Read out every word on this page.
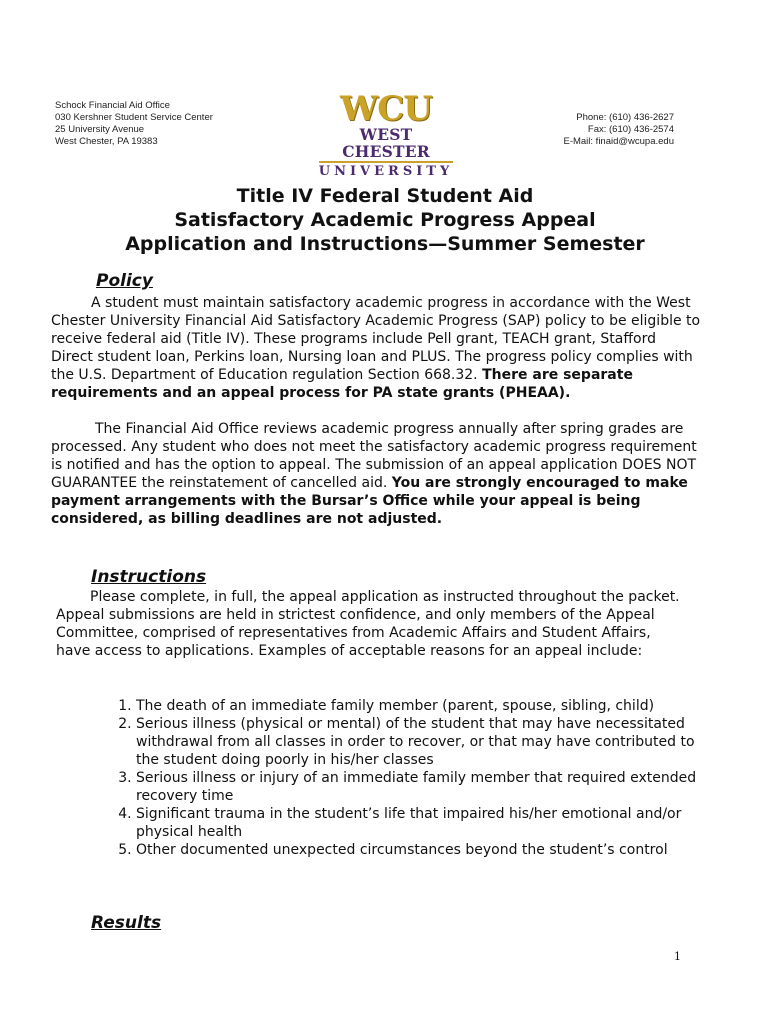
Schock Financial Aid Office
030 Kershner Student Service Center
25 University Avenue
West Chester, PA 19383
WCU
WEST CHESTER
UNIVERSITY
Phone: (610) 436-2627
Fax: (610) 436-2574
E-Mail: finaid@wcupa.edu
Title IV Federal Student Aid
Satisfactory Academic Progress Appeal
Application and Instructions—Summer Semester
Policy
A student must maintain satisfactory academic progress in accordance with the West Chester University Financial Aid Satisfactory Academic Progress (SAP) policy to be eligible to receive federal aid (Title IV). These programs include Pell grant, TEACH grant, Stafford Direct student loan, Perkins loan, Nursing loan and PLUS. The progress policy complies with the U.S. Department of Education regulation Section 668.32. There are separate requirements and an appeal process for PA state grants (PHEAA).
The Financial Aid Office reviews academic progress annually after spring grades are processed. Any student who does not meet the satisfactory academic progress requirement is notified and has the option to appeal. The submission of an appeal application DOES NOT GUARANTEE the reinstatement of cancelled aid. You are strongly encouraged to make payment arrangements with the Bursar’s Office while your appeal is being considered, as billing deadlines are not adjusted.
Instructions
Please complete, in full, the appeal application as instructed throughout the packet. Appeal submissions are held in strictest confidence, and only members of the Appeal Committee, comprised of representatives from Academic Affairs and Student Affairs, have access to applications. Examples of acceptable reasons for an appeal include:
1. The death of an immediate family member (parent, spouse, sibling, child)
2. Serious illness (physical or mental) of the student that may have necessitated withdrawal from all classes in order to recover, or that may have contributed to the student doing poorly in his/her classes
3. Serious illness or injury of an immediate family member that required extended recovery time
4. Significant trauma in the student’s life that impaired his/her emotional and/or physical health
5. Other documented unexpected circumstances beyond the student’s control
Results
1
